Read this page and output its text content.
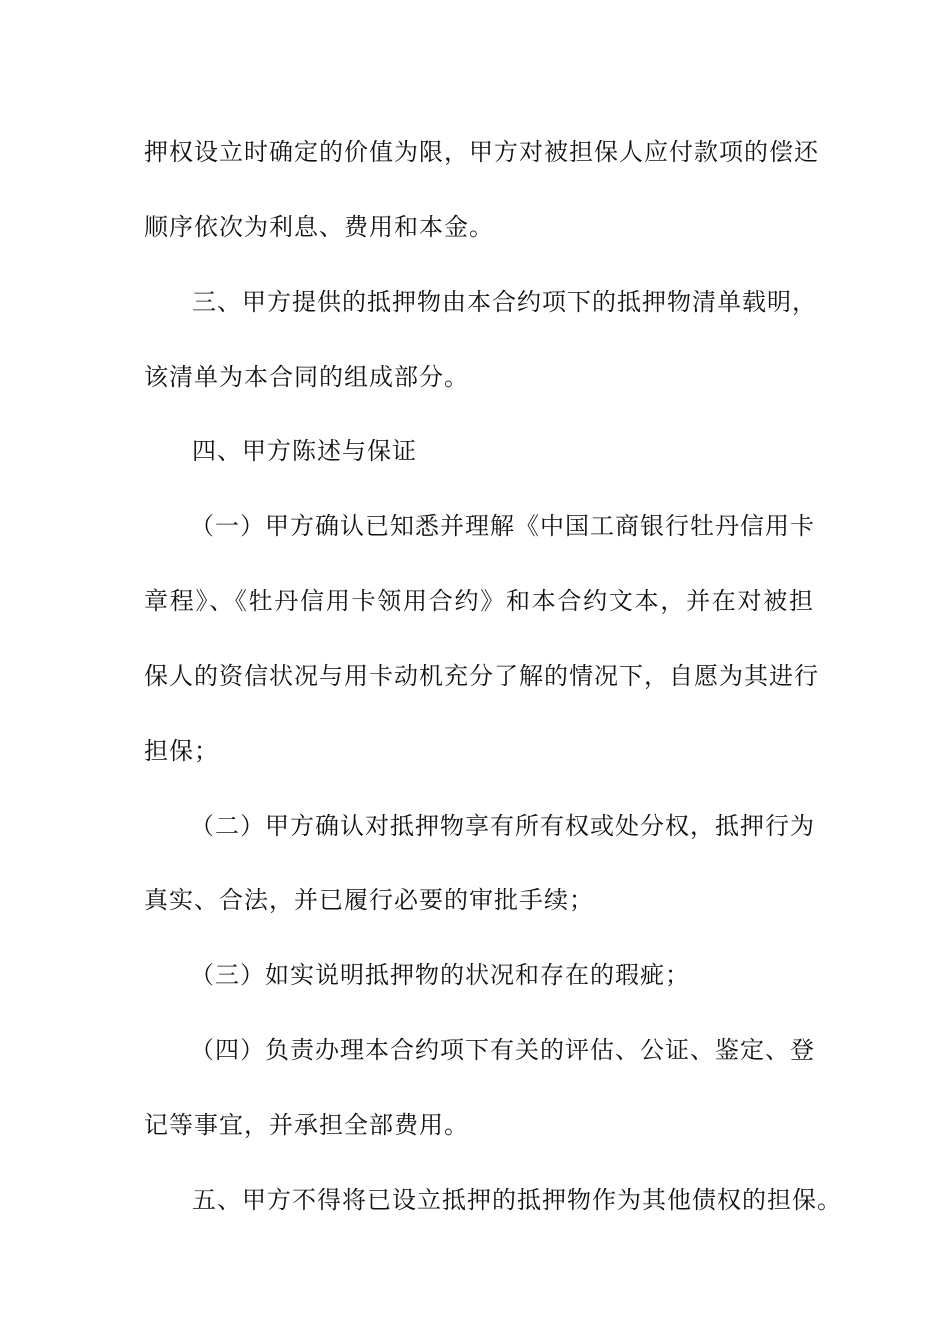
押权设立时确定的价值为限，甲方对被担保人应付款项的偿还
顺序依次为利息、费用和本金。
三、甲方提供的抵押物由本合约项下的抵押物清单载明，
该清单为本合同的组成部分。
四、甲方陈述与保证
（一）甲方确认已知悉并理解《中国工商银行牡丹信用卡
章程》、《牡丹信用卡领用合约》和本合约文本，并在对被担
保人的资信状况与用卡动机充分了解的情况下，自愿为其进行
担保；
（二）甲方确认对抵押物享有所有权或处分权，抵押行为
真实、合法，并已履行必要的审批手续；
（三）如实说明抵押物的状况和存在的瑕疵；
（四）负责办理本合约项下有关的评估、公证、鉴定、登
记等事宜，并承担全部费用。
五、甲方不得将已设立抵押的抵押物作为其他债权的担保。
